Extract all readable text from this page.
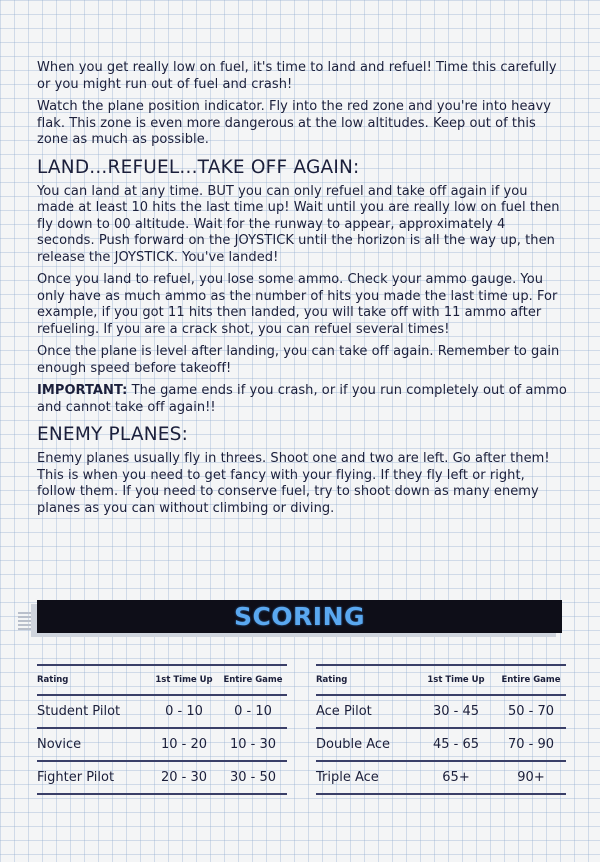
When you get really low on fuel, it's time to land and refuel! Time this carefully or you might run out of fuel and crash!

Watch the plane position indicator. Fly into the red zone and you're into heavy flak. This zone is even more dangerous at the low altitudes. Keep out of this zone as much as possible.

LAND...REFUEL...TAKE OFF AGAIN:

You can land at any time. BUT you can only refuel and take off again if you made at least 10 hits the last time up! Wait until you are really low on fuel then fly down to 00 altitude. Wait for the runway to appear, approximately 4 seconds. Push forward on the JOYSTICK until the horizon is all the way up, then release the JOYSTICK. You've landed!

Once you land to refuel, you lose some ammo. Check your ammo gauge. You only have as much ammo as the number of hits you made the last time up. For example, if you got 11 hits then landed, you will take off with 11 ammo after refueling. If you are a crack shot, you can refuel several times!

Once the plane is level after landing, you can take off again. Remember to gain enough speed before takeoff!

IMPORTANT: The game ends if you crash, or if you run completely out of ammo and cannot take off again!!

ENEMY PLANES:

Enemy planes usually fly in threes. Shoot one and two are left. Go after them! This is when you need to get fancy with your flying. If they fly left or right, follow them. If you need to conserve fuel, try to shoot down as many enemy planes as you can without climbing or diving.

SCORING
Rating	1st Time Up	Entire Game
Student Pilot	0 - 10	0 - 10
Novice	10 - 20	10 - 30
Fighter Pilot	20 - 30	30 - 50
Rating	1st Time Up	Entire Game
Ace Pilot	30 - 45	50 - 70
Double Ace	45 - 65	70 - 90
Triple Ace	65+	90+
